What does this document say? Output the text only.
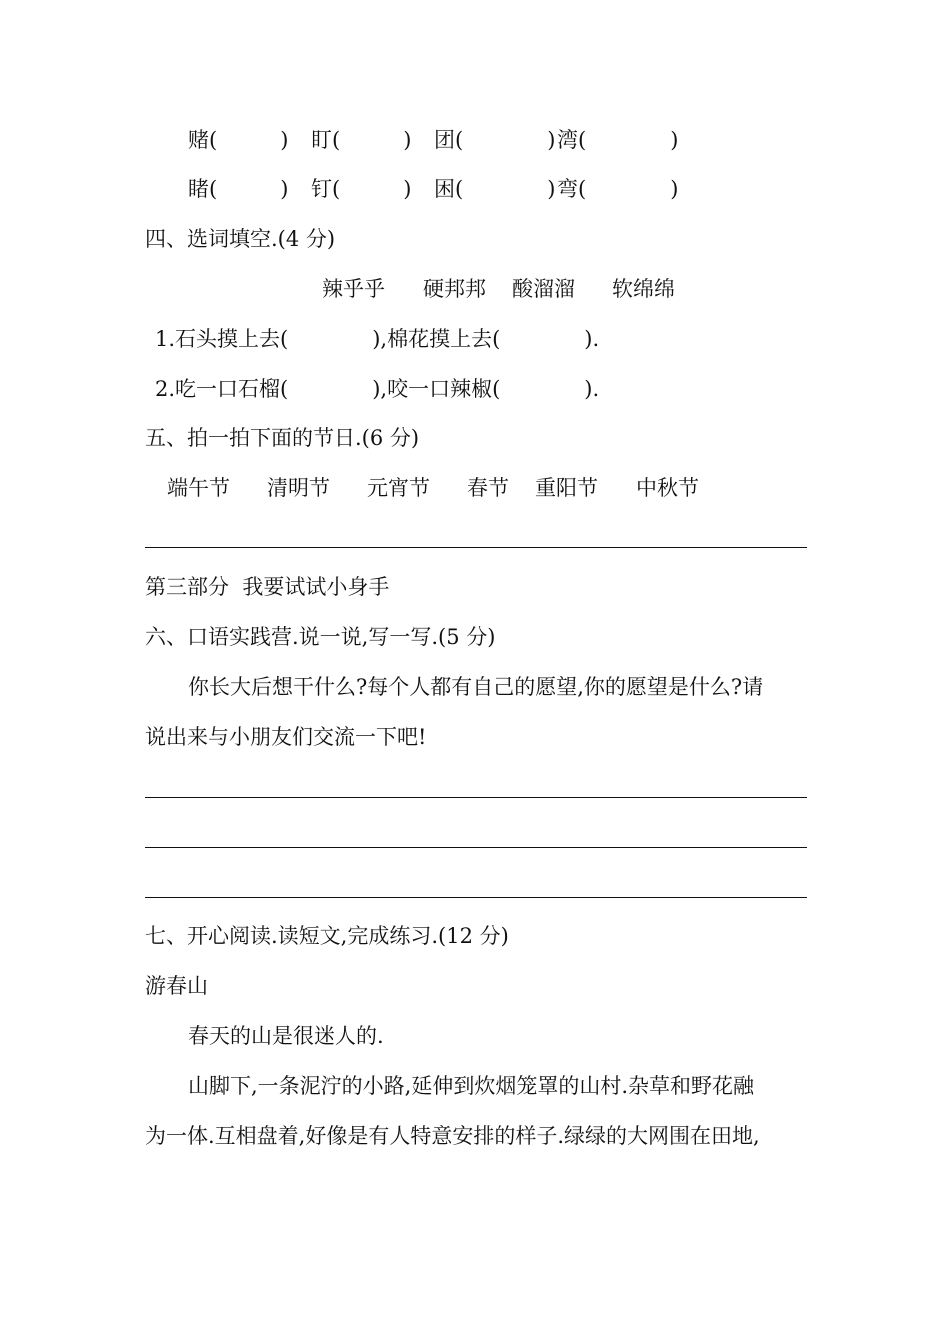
赌(　　　) 盯(　　　) 团(　　　　) 湾(　　　　)
睹(　　　) 钉(　　　) 困(　　　　) 弯(　　　　)
四、选词填空.(4 分)
辣乎乎 硬邦邦 酸溜溜 软绵绵
1.石头摸上去(　　　　),棉花摸上去(　　　　).
2.吃一口石榴(　　　　),咬一口辣椒(　　　　).
五、拍一拍下面的节日.(6 分)
端午节 清明节 元宵节 春节 重阳节 中秋节
第三部分  我要试试小身手
六、口语实践营.说一说,写一写.(5 分)
你长大后想干什么?每个人都有自己的愿望,你的愿望是什么?请
说出来与小朋友们交流一下吧!
七、开心阅读.读短文,完成练习.(12 分)
游春山
春天的山是很迷人的.
山脚下,一条泥泞的小路,延伸到炊烟笼罩的山村.杂草和野花融
为一体.互相盘着,好像是有人特意安排的样子.绿绿的大网围在田地,
